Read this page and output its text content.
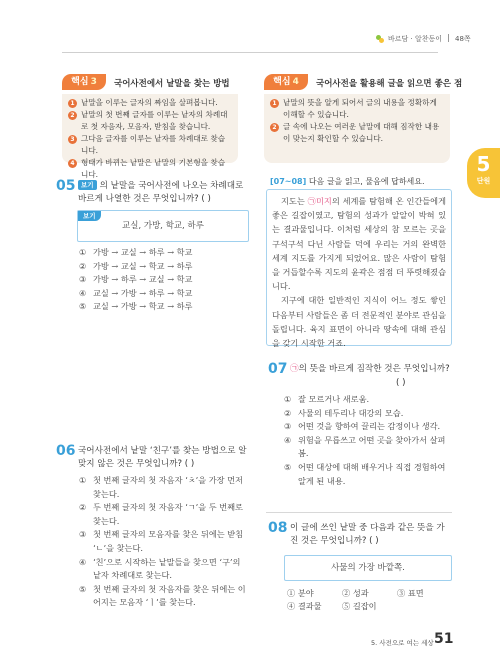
바르담 · 알찬동이 48쪽
핵심 3	국어사전에서 낱말을 찾는 방법
1 낱말을 이루는 글자의 짜임을 살펴봅니다.
2 낱말의 첫 번째 글자를 이루는 낱자의 차례대로 첫 자음자, 모음자, 받침을 찾습니다.
3 그다음 글자를 이루는 낱자를 차례대로 찾습니다.
4 형태가 바뀌는 낱말은 낱말의 기본형을 찾습니다.
핵심 4	국어사전을 활용해 글을 읽으면 좋은 점
1 낱말의 뜻을 알게 되어서 글의 내용을 정확하게 이해할 수 있습니다.
2 글 속에 나오는 여러운 낱말에 대해 짐작한 내용이 맞는지 확인할 수 있습니다.
5
단원
05 보기 의 낱말을 국어사전에 나오는 차례대로 바르게 나열한 것은 무엇입니까? ( )
보기
교실, 가방, 학교, 하루
① 가방 → 교실 → 하루 → 학교
② 가방 → 교실 → 학교 → 하루
③ 가방 → 하루 → 교실 → 학교
④ 교실 → 가방 → 하루 → 학교
⑤ 교실 → 가방 → 학교 → 하루
06 국어사전에서 낱말 ‘친구’를 찾는 방법으로 알맞지 않은 것은 무엇입니까? ( )
① 첫 번째 글자의 첫 자음자 ‘ㅊ’을 가장 먼저 찾는다.
② 두 번째 글자의 첫 자음자 ‘ㄱ’을 두 번째로 찾는다.
③ 첫 번째 글자의 모음자를 찾은 뒤에는 받침 ‘ㄴ’을 찾는다.
④ ‘친’으로 시작하는 낱말들을 찾으면 ‘구’의 낱자 차례대로 찾는다.
⑤ 첫 번째 글자의 첫 자음자를 찾은 뒤에는 이어지는 모음자 ‘ㅣ’를 찾는다.
[07~08] 다음 글을 읽고, 물음에 답하세요.

지도는 ㉠미지의 세계를 탐험해 온 인간들에게 좋은 길잡이였고, 탐험의 성과가 알알이 박혀 있는 결과물입니다. 이처럼 세상의 참 모르는 곳을 구석구석 다닌 사람들 덕에 우리는 거의 완벽한 세계 지도를 가지게 되었어요. 많은 사람이 탐험을 거듭할수록 지도의 윤곽은 점점 더 뚜렷해졌습니다.

지구에 대한 일반적인 지식이 어느 정도 쌓인 다음부터 사람들은 좀 더 전문적인 분야로 관심을 돌립니다. 육지 표면이 아니라 땅속에 대해 관심을 갖기 시작한 거죠.

07 ㉠의 뜻을 바르게 짐작한 것은 무엇입니까?
( )
① 잘 모르거나 새로움.
② 사물의 테두리나 대강의 모습.
③ 어떤 것을 향하여 끌리는 감정이나 생각.
④ 위험을 무릅쓰고 어떤 곳을 찾아가서 살펴봄.
⑤ 어떤 대상에 대해 배우거나 직접 경험하여 알게 된 내용.
08 이 글에 쓰인 낱말 중 다음과 같은 뜻을 가진 것은 무엇입니까? ( )
사물의 가장 바깥쪽.
① 분야	② 성과	③ 표면
④ 결과물	⑤ 길잡이
5. 사전으로 여는 세상 51
